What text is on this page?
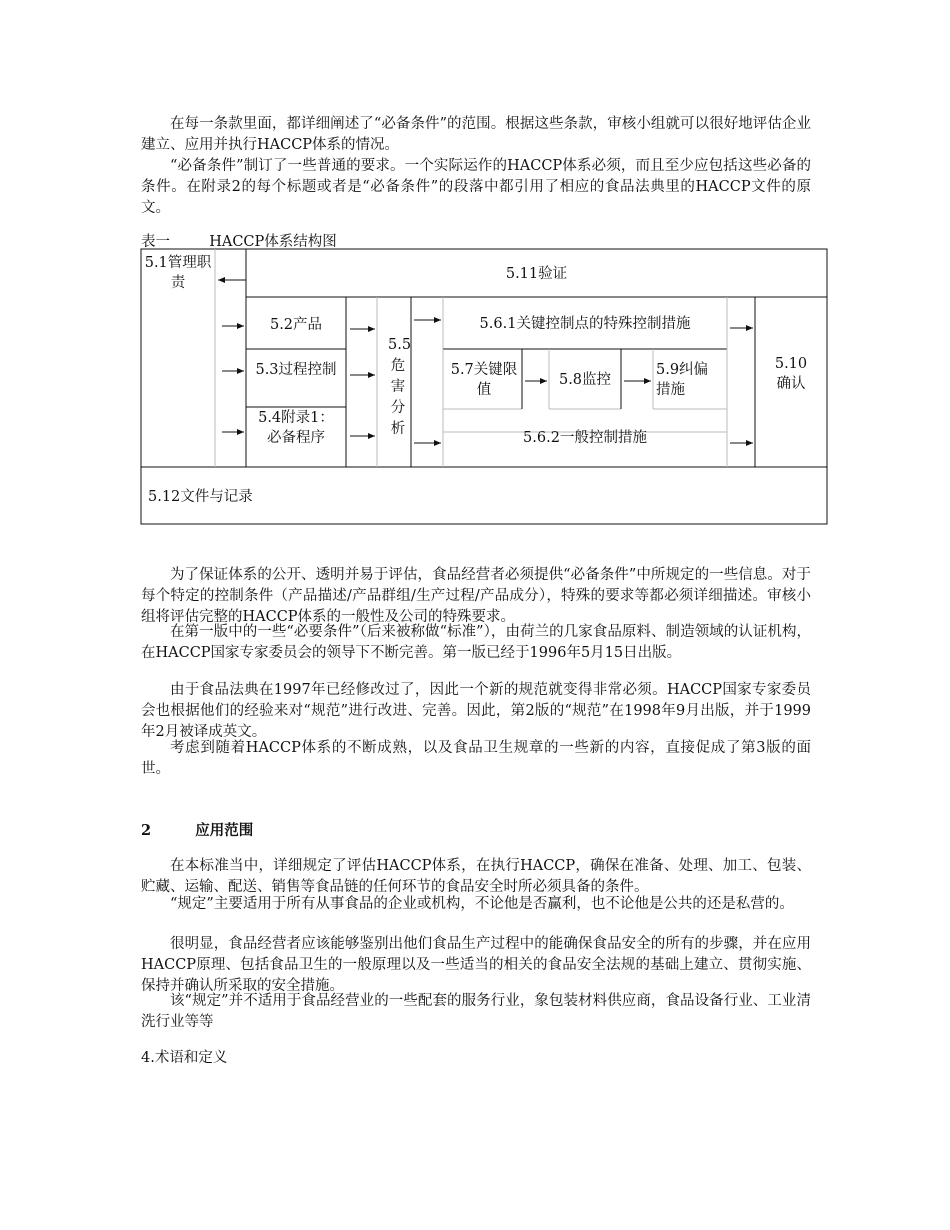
在每一条款里面，都详细阐述了“必备条件”的范围。根据这些条款，审核小组就可以很好地评估企业建立、应用并执行HACCP体系的情况。

“必备条件”制订了一些普通的要求。一个实际运作的HACCP体系必须，而且至少应包括这些必备的条件。在附录2的每个标题或者是“必备条件”的段落中都引用了相应的食品法典里的HACCP文件的原文。

表一	HACCP体系结构图
5.1管理职责
5.11验证
5.2产品
5.3过程控制
5.4附录1：必备程序
5.5危害分析
5.6.1关键控制点的特殊控制措施
5.7关键限值
5.8监控
5.9纠偏措施
5.6.2一般控制措施
5.10确认
5.12文件与记录

为了保证体系的公开、透明并易于评估，食品经营者必须提供“必备条件”中所规定的一些信息。对于每个特定的控制条件（产品描述/产品群组/生产过程/产品成分），特殊的要求等都必须详细描述。审核小组将评估完整的HACCP体系的一般性及公司的特殊要求。

在第一版中的一些“必要条件”（后来被称做“标准”），由荷兰的几家食品原料、制造领域的认证机构，在HACCP国家专家委员会的领导下不断完善。第一版已经于1996年5月15日出版。

由于食品法典在1997年已经修改过了，因此一个新的规范就变得非常必须。HACCP国家专家委员会也根据他们的经验来对“规范”进行改进、完善。因此，第2版的“规范”在1998年9月出版，并于1999年2月被译成英文。

考虑到随着HACCP体系的不断成熟，以及食品卫生规章的一些新的内容，直接促成了第3版的面世。

2	应用范围

在本标准当中，详细规定了评估HACCP体系，在执行HACCP，确保在准备、处理、加工、包装、贮藏、运输、配送、销售等食品链的任何环节的食品安全时所必须具备的条件。

“规定”主要适用于所有从事食品的企业或机构，不论他是否赢利，也不论他是公共的还是私营的。

很明显，食品经营者应该能够鉴别出他们食品生产过程中的能确保食品安全的所有的步骤，并在应用HACCP原理、包括食品卫生的一般原理以及一些适当的相关的食品安全法规的基础上建立、贯彻实施、保持并确认所采取的安全措施。

该“规定”并不适用于食品经营业的一些配套的服务行业，象包装材料供应商，食品设备行业、工业清洗行业等等

4.术语和定义
